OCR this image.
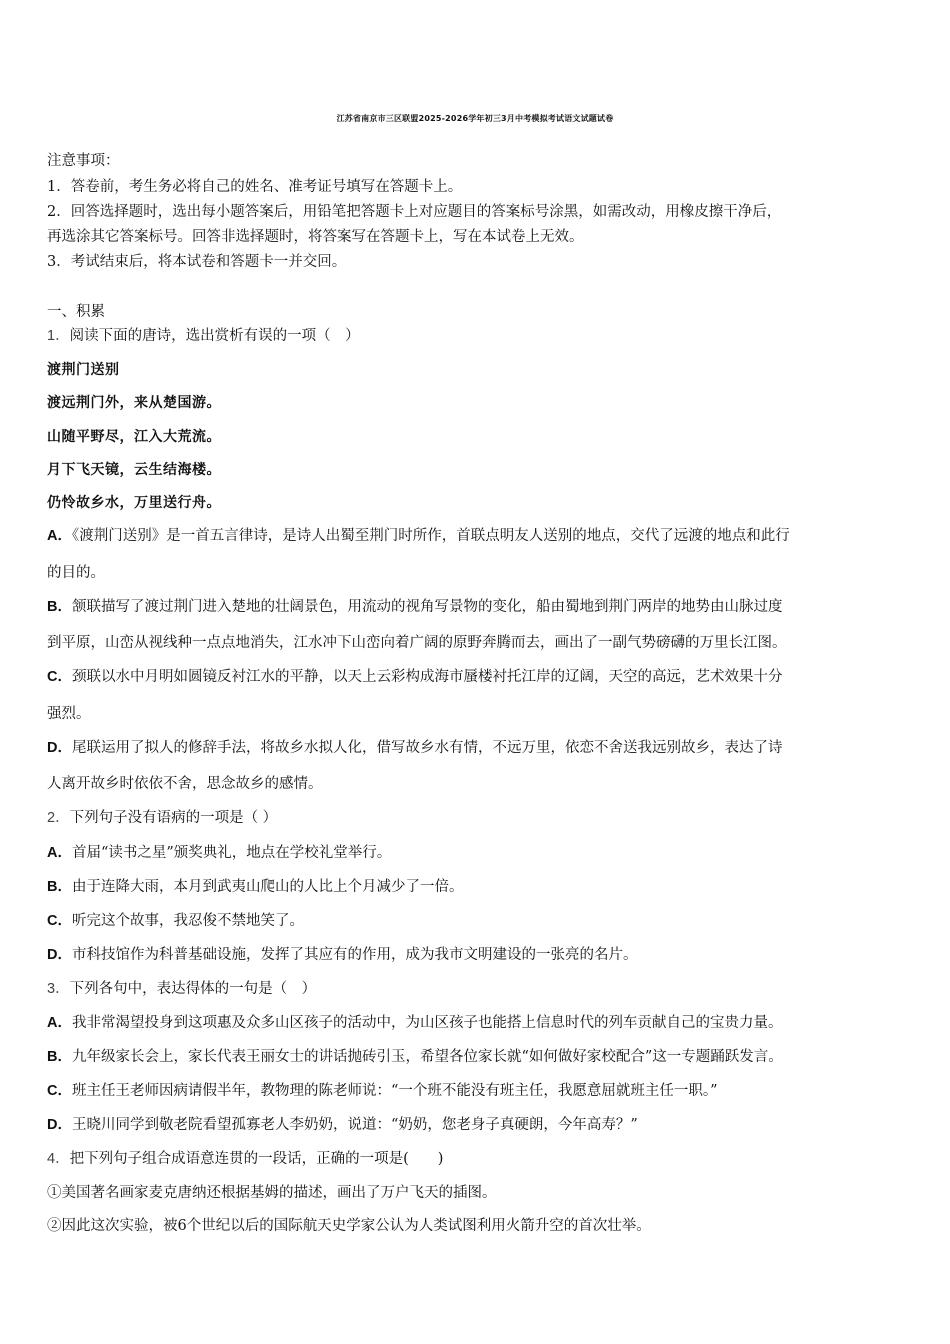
江苏省南京市三区联盟2025-2026学年初三3月中考模拟考试语文试题试卷
注意事项：
1．答卷前，考生务必将自己的姓名、准考证号填写在答题卡上。
2．回答选择题时，选出每小题答案后，用铅笔把答题卡上对应题目的答案标号涂黑，如需改动，用橡皮擦干净后，
再选涂其它答案标号。回答非选择题时，将答案写在答题卡上，写在本试卷上无效。
3．考试结束后，将本试卷和答题卡一并交回。
一、积累
1．阅读下面的唐诗，选出赏析有误的一项（　）
渡荆门送别
渡远荆门外，来从楚国游。
山随平野尽，江入大荒流。
月下飞天镜，云生结海楼。
仍怜故乡水，万里送行舟。
A．《渡荆门送别》是一首五言律诗，是诗人出蜀至荆门时所作，首联点明友人送别的地点，交代了远渡的地点和此行
的目的。
B．颔联描写了渡过荆门进入楚地的壮阔景色，用流动的视角写景物的变化，船由蜀地到荆门两岸的地势由山脉过度
到平原，山峦从视线种一点点地消失，江水冲下山峦向着广阔的原野奔腾而去，画出了一副气势磅礴的万里长江图。
C．颈联以水中月明如圆镜反衬江水的平静，以天上云彩构成海市蜃楼衬托江岸的辽阔，天空的高远，艺术效果十分
强烈。
D．尾联运用了拟人的修辞手法，将故乡水拟人化，借写故乡水有情，不远万里，依恋不舍送我远别故乡，表达了诗
人离开故乡时依依不舍，思念故乡的感情。
2．下列句子没有语病的一项是（ ）
A．首届“读书之星”颁奖典礼，地点在学校礼堂举行。
B．由于连降大雨，本月到武夷山爬山的人比上个月减少了一倍。
C．听完这个故事，我忍俊不禁地笑了。
D．市科技馆作为科普基础设施，发挥了其应有的作用，成为我市文明建设的一张亮的名片。
3．下列各句中，表达得体的一句是（　）
A．我非常渴望投身到这项惠及众多山区孩子的活动中，为山区孩子也能搭上信息时代的列车贡献自己的宝贵力量。
B．九年级家长会上，家长代表王丽女士的讲话抛砖引玉，希望各位家长就“如何做好家校配合”这一专题踊跃发言。
C．班主任王老师因病请假半年，教物理的陈老师说：“一个班不能没有班主任，我愿意屈就班主任一职。”
D．王晓川同学到敬老院看望孤寡老人李奶奶，说道：“奶奶，您老身子真硬朗，今年高寿？”
4．把下列句子组合成语意连贯的一段话，正确的一项是(　　)
①美国著名画家麦克唐纳还根据基姆的描述，画出了万户飞天的插图。
②因此这次实验，被6个世纪以后的国际航天史学家公认为人类试图利用火箭升空的首次壮举。
